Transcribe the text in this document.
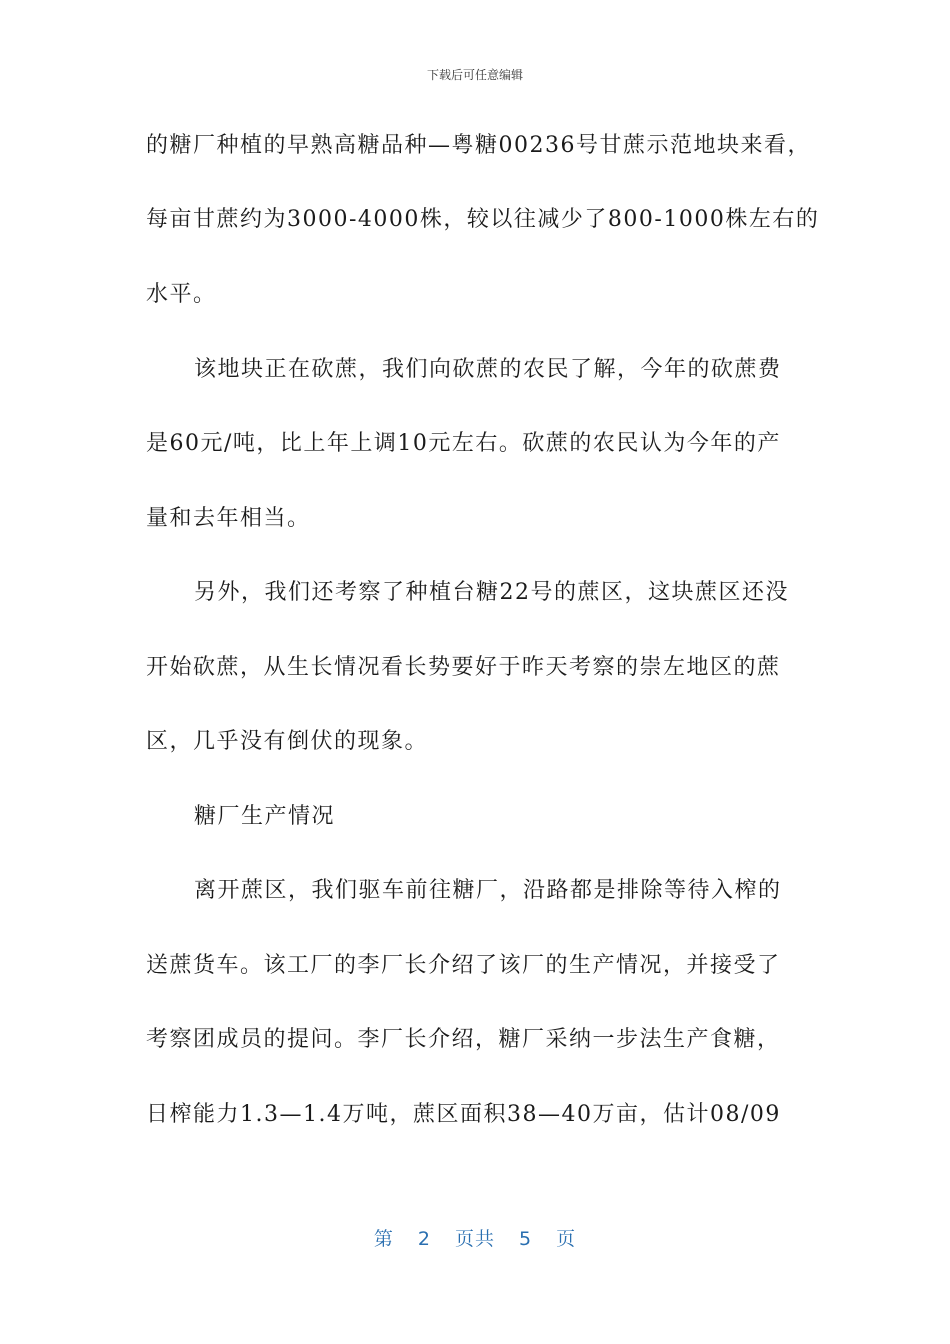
下载后可任意编辑
的糖厂种植的早熟高糖品种—粤糖00236号甘蔗示范地块来看，
每亩甘蔗约为3000-4000株，较以往减少了800-1000株左右的
水平。
该地块正在砍蔗，我们向砍蔗的农民了解，今年的砍蔗费
是60元/吨，比上年上调10元左右。砍蔗的农民认为今年的产
量和去年相当。
另外，我们还考察了种植台糖22号的蔗区，这块蔗区还没
开始砍蔗，从生长情况看长势要好于昨天考察的崇左地区的蔗
区，几乎没有倒伏的现象。
糖厂生产情况
离开蔗区，我们驱车前往糖厂，沿路都是排除等待入榨的
送蔗货车。该工厂的李厂长介绍了该厂的生产情况，并接受了
考察团成员的提问。李厂长介绍，糖厂采纳一步法生产食糖，
日榨能力1.3—1.4万吨，蔗区面积38—40万亩，估计08/09
第 2 页共 5 页
